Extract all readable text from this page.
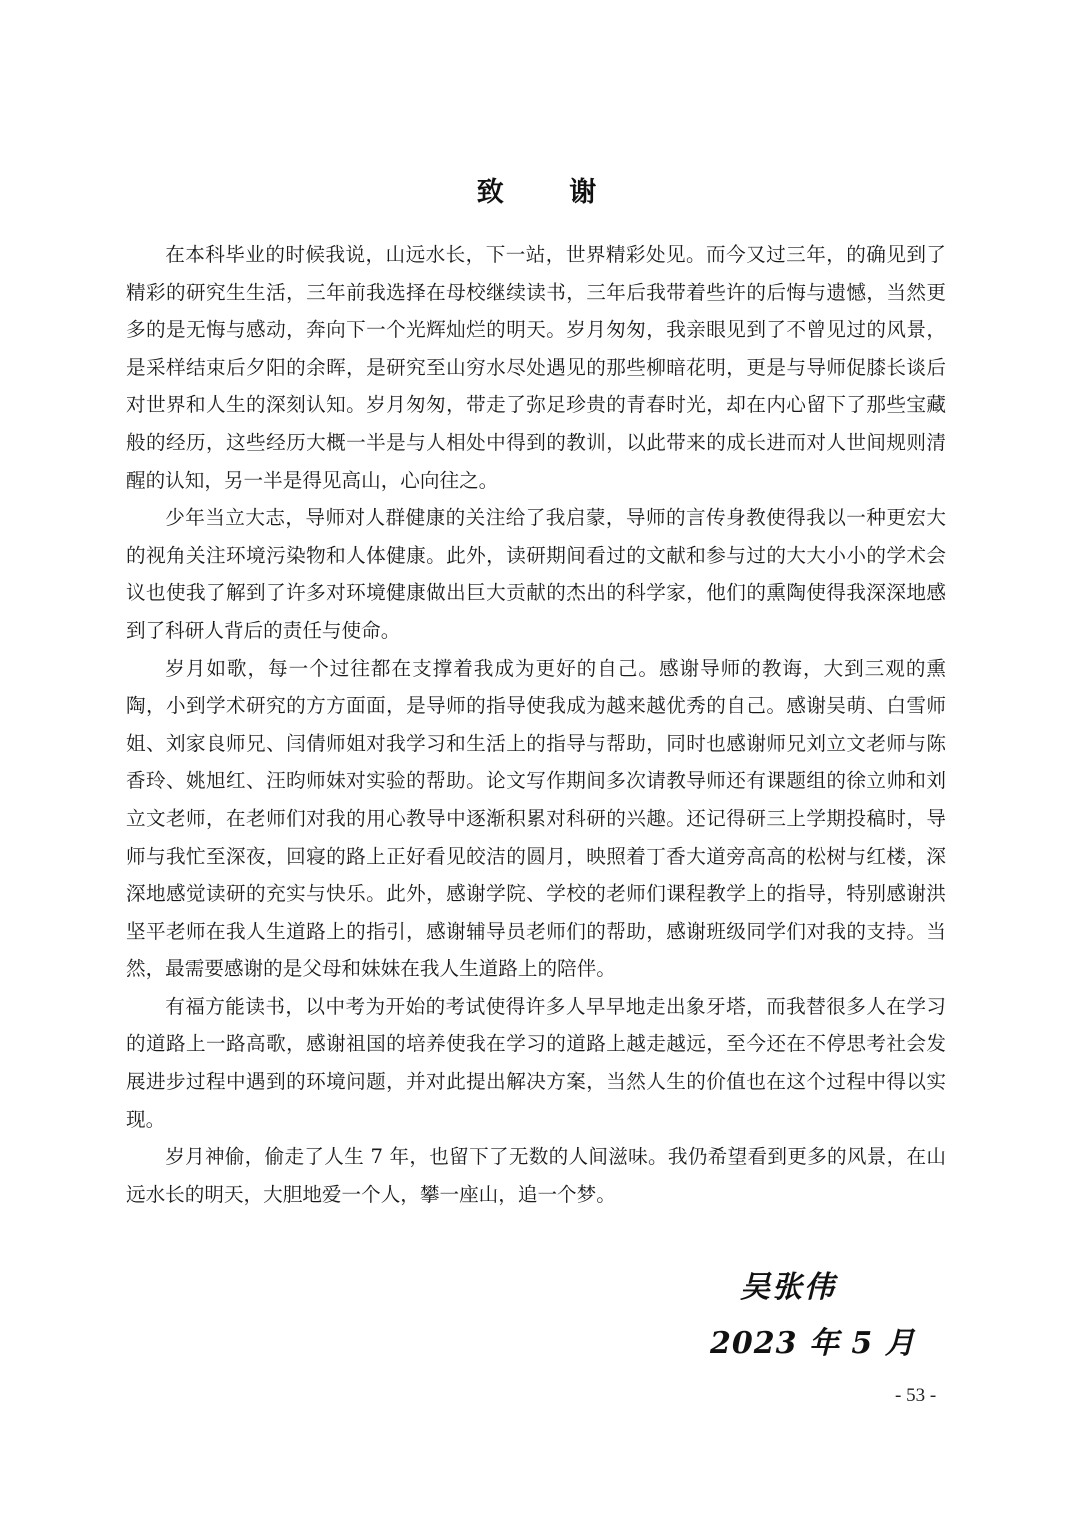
致 谢

在本科毕业的时候我说，山远水长，下一站，世界精彩处见。而今又过三年，的确见到了精彩的研究生生活，三年前我选择在母校继续读书，三年后我带着些许的后悔与遗憾，当然更多的是无悔与感动，奔向下一个光辉灿烂的明天。岁月匆匆，我亲眼见到了不曾见过的风景，是采样结束后夕阳的余晖，是研究至山穷水尽处遇见的那些柳暗花明，更是与导师促膝长谈后对世界和人生的深刻认知。岁月匆匆，带走了弥足珍贵的青春时光，却在内心留下了那些宝藏般的经历，这些经历大概一半是与人相处中得到的教训，以此带来的成长进而对人世间规则清醒的认知，另一半是得见高山，心向往之。

少年当立大志，导师对人群健康的关注给了我启蒙，导师的言传身教使得我以一种更宏大的视角关注环境污染物和人体健康。此外，读研期间看过的文献和参与过的大大小小的学术会议也使我了解到了许多对环境健康做出巨大贡献的杰出的科学家，他们的熏陶使得我深深地感到了科研人背后的责任与使命。

岁月如歌，每一个过往都在支撑着我成为更好的自己。感谢导师的教诲，大到三观的熏陶，小到学术研究的方方面面，是导师的指导使我成为越来越优秀的自己。感谢吴萌、白雪师姐、刘家良师兄、闫倩师姐对我学习和生活上的指导与帮助，同时也感谢师兄刘立文老师与陈香玲、姚旭红、汪昀师妹对实验的帮助。论文写作期间多次请教导师还有课题组的徐立帅和刘立文老师，在老师们对我的用心教导中逐渐积累对科研的兴趣。还记得研三上学期投稿时，导师与我忙至深夜，回寝的路上正好看见皎洁的圆月，映照着丁香大道旁高高的松树与红楼，深深地感觉读研的充实与快乐。此外，感谢学院、学校的老师们课程教学上的指导，特别感谢洪坚平老师在我人生道路上的指引，感谢辅导员老师们的帮助，感谢班级同学们对我的支持。当然，最需要感谢的是父母和妹妹在我人生道路上的陪伴。

有福方能读书，以中考为开始的考试使得许多人早早地走出象牙塔，而我替很多人在学习的道路上一路高歌，感谢祖国的培养使我在学习的道路上越走越远，至今还在不停思考社会发展进步过程中遇到的环境问题，并对此提出解决方案，当然人生的价值也在这个过程中得以实现。

岁月神偷，偷走了人生 7 年，也留下了无数的人间滋味。我仍希望看到更多的风景，在山远水长的明天，大胆地爱一个人，攀一座山，追一个梦。

吴张伟
2023 年 5 月
- 53 -
